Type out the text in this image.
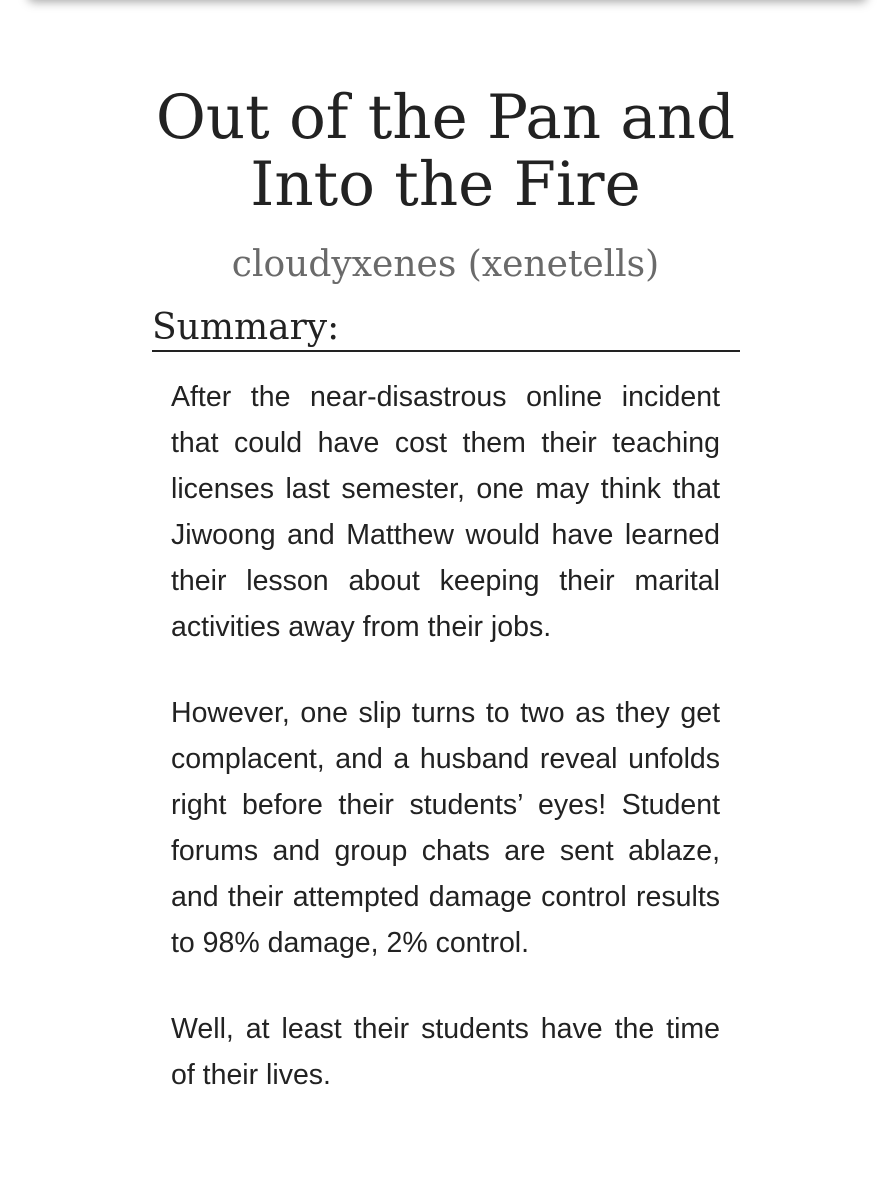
Out of the Pan and
Into the Fire
cloudyxenes (xenetells)
Summary:

After the near-disastrous online incident that could have cost them their teaching licenses last semester, one may think that Jiwoong and Matthew would have learned their lesson about keeping their marital activities away from their jobs.

However, one slip turns to two as they get complacent, and a husband reveal unfolds right before their students’ eyes! Student forums and group chats are sent ablaze, and their attempted damage control results to 98% damage, 2% control.

Well, at least their students have the time of their lives.
